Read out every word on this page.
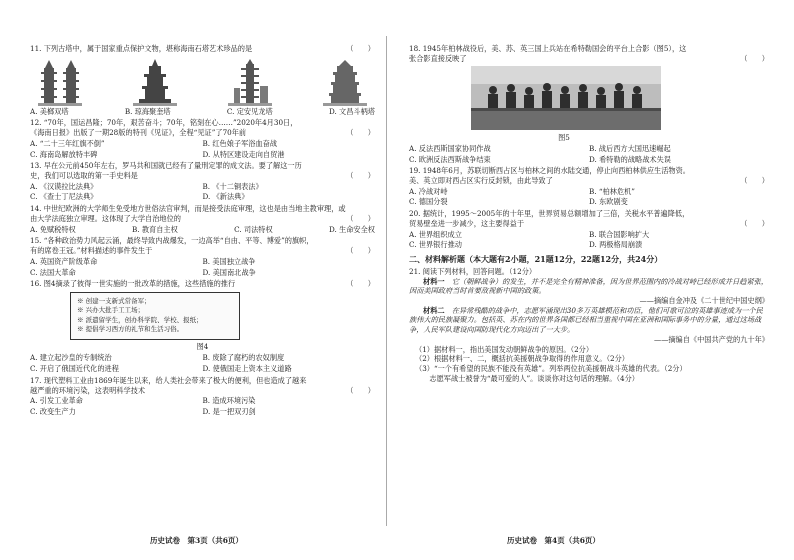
11. 下列古塔中，属于国家重点保护文物，堪称海南石塔艺术珍品的是	（　　）
A. 美榔双塔	B. 琼海聚奎塔	C. 定安见龙塔	D. 文昌斗柄塔
12. “70年，国运昌隆；70年，艰苦奋斗；70年，铭刻在心……”2020年4月30日，
《海南日报》出版了一期28版的特刊《见证》，全程“见证”了70年前	（　　）
A. “二十三年红旗不倒”	B. 红色娘子军浴血奋战
C. 海南岛解放特丰碑	D. 从特区建设走向自贸港
13. 早在公元前450年左右，罗马共和国就已经有了量刑定罪的成文法。要了解这一历
史，我们可以选取的第一手史料是	（　　）
A. 《汉谟拉比法典》	B. 《十二铜表法》
C. 《查士丁尼法典》	D. 《新法典》
14. 中世纪欧洲的大学师生免受地方世俗法官审判，而是接受法庭审理，这也是由当地主教审理，或
由大学法庭独立审理。这体现了大学自治地位的	（　　）
A. 免赋税特权	B. 教育自主权	C. 司法特权	D. 生命安全权
15. “各种政治势力风起云涌，最终导致内战爆发，一边高举“自由、平等、博爱”的旗帜，
有的席卷王冠。”材料描述的事件发生于	（　　）
A. 英国资产阶级革命	B. 美国独立战争
C. 法国大革命	D. 美国南北战争
16. 图4摘录了彼得一世实施的一批改革的措施，这些措施的推行	（　　）
※ 创建一支新式常备军；
※ 兴办大批手工工场；
※ 派遣留学生，创办科学院、学校、报纸；
※ 提倡学习西方的礼节和生活习俗。
图4
A. 建立起沙皇的专制统治	B. 废除了腐朽的农奴制度
C. 开启了俄国近代化的进程	D. 使俄国走上资本主义道路
17. 现代塑料工业由1869年诞生以来，给人类社会带来了极大的便利，但也造成了越来
越严重的环境污染，这表明科学技术	（　　）
A. 引发工业革命	B. 造成环境污染
C. 改变生产力	D. 是一把双刃剑
历史试卷　第3页（共6页）
18. 1945年柏林战役后，美、苏、英三国上兵站在希特勒国会的平台上合影（图5），这
张合影直接反映了	（　　）
图5
A. 反法西斯国家协同作战	B. 战后西方大国迅速崛起
C. 欧洲反法西斯战争结束	D. 希特勒的战略战术失误
19. 1948年6月，苏联切断西占区与柏林之间的水陆交通，停止向西柏林供应生活物资。
美、英立即对西占区实行反封锁，由此导致了	（　　）
A. 冷战对峙	B. “柏林危机”
C. 德国分裂	D. 东欧剧变
20. 据统计，1995～2005年的十年里，世界贸易总额增加了三倍，关税水平普遍降低，
贸易壁垒进一步减少，这主要得益于	（　　）
A. 世界组织成立	B. 联合国影响扩大
C. 世界银行推动	D. 两极格局崩溃
二、材料解析题（本大题有2小题，21题12分，22题12分，共24分）
21. 阅读下列材料，回答问题。（12分）
材料一　 它（朝鲜战争）的发生，并不是完全有精神准备，因为世界范围内的冷战对峙已经形成并日趋紧张，因而美国政府当时首要敌视新中国的政策。
——摘编自金冲及《二十世纪中国史纲》
材料二　 在异常残酷的战争中，志愿军涌现出30多万英雄模范和功臣，他们可歌可泣的英雄事迹成为一个民族伟大的民族凝聚力。包括英、苏在内的世界各国都已经相当重视中国在亚洲和国际事务中的分量，通过这场战争，人民军队建设向国防现代化方向迈出了一大步。
——摘编自《中国共产党的九十年》
（1）据材料一，指出美国发动朝鲜战争的原因。（2分）
（2）根据材料一、二，概括抗美援朝战争取得的作用意义。（2分）
（3）“一个有希望的民族不能没有英雄”。列举两位抗美援朝战斗英雄的代表。（2分）
　　志愿军战士被誉为“最可爱的人”。谈谈你对这句话的理解。（4分）
历史试卷　第4页（共6页）
